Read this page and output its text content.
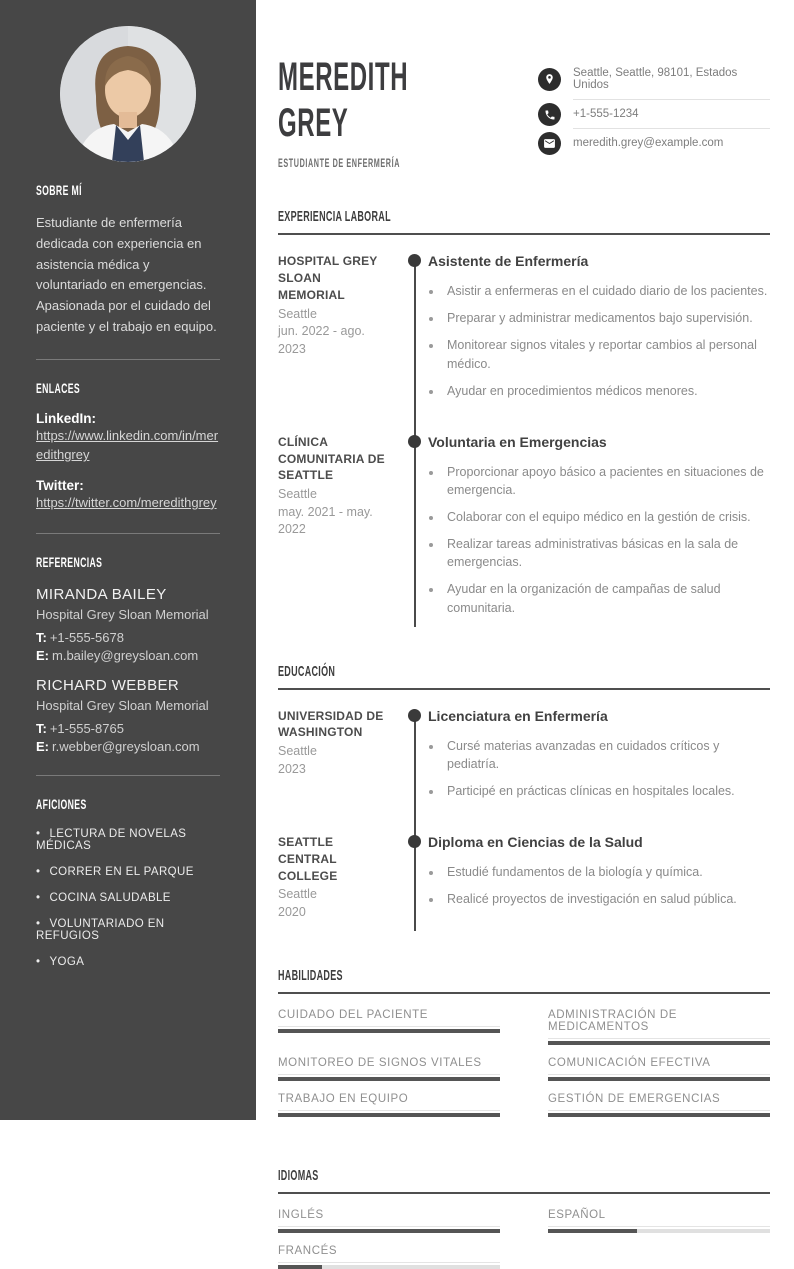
SOBRE MÍ

Estudiante de enfermería dedicada con experiencia en asistencia médica y voluntariado en emergencias. Apasionada por el cuidado del paciente y el trabajo en equipo.

ENLACES
LinkedIn:
https://www.linkedin.com/in/meredithgrey
Twitter:
https://twitter.com/meredithgrey
REFERENCIAS
MIRANDA BAILEY
Hospital Grey Sloan Memorial
T: +1-555-5678
E: m.bailey@greysloan.com
RICHARD WEBBER
Hospital Grey Sloan Memorial
T: +1-555-8765
E: r.webber@greysloan.com
AFICIONES
• LECTURA DE NOVELAS MÉDICAS
• CORRER EN EL PARQUE
• COCINA SALUDABLE
• VOLUNTARIADO EN REFUGIOS
• YOGA
MEREDITH GREY
ESTUDIANTE DE ENFERMERÍA
Seattle, Seattle, 98101, Estados Unidos
+1-555-1234
meredith.grey@example.com
EXPERIENCIA LABORAL
HOSPITAL GREY SLOAN MEMORIAL
Seattle
jun. 2022 - ago. 2023
Asistente de Enfermería
• Asistir a enfermeras en el cuidado diario de los pacientes.
• Preparar y administrar medicamentos bajo supervisión.
• Monitorear signos vitales y reportar cambios al personal médico.
• Ayudar en procedimientos médicos menores.
CLÍNICA COMUNITARIA DE SEATTLE
Seattle
may. 2021 - may. 2022
Voluntaria en Emergencias
• Proporcionar apoyo básico a pacientes en situaciones de emergencia.
• Colaborar con el equipo médico en la gestión de crisis.
• Realizar tareas administrativas básicas en la sala de emergencias.
• Ayudar en la organización de campañas de salud comunitaria.
EDUCACIÓN
UNIVERSIDAD DE WASHINGTON
Seattle
2023
Licenciatura en Enfermería
• Cursé materias avanzadas en cuidados críticos y pediatría.
• Participé en prácticas clínicas en hospitales locales.
SEATTLE CENTRAL COLLEGE
Seattle
2020
Diploma en Ciencias de la Salud
• Estudié fundamentos de la biología y química.
• Realicé proyectos de investigación en salud pública.
HABILIDADES
CUIDADO DEL PACIENTE	ADMINISTRACIÓN DE MEDICAMENTOS
MONITOREO DE SIGNOS VITALES	COMUNICACIÓN EFECTIVA
TRABAJO EN EQUIPO	GESTIÓN DE EMERGENCIAS
IDIOMAS
INGLÉS	ESPAÑOL
FRANCÉS
